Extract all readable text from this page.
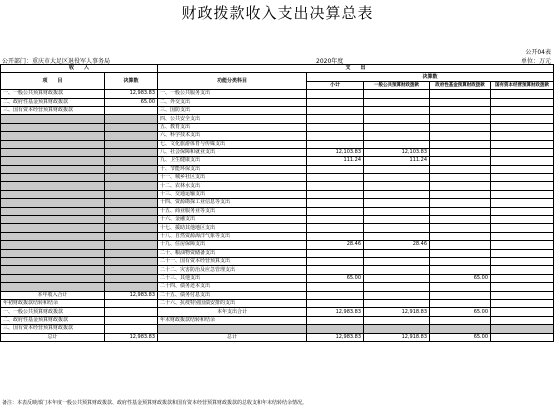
财政拨款收入支出决算总表
公开04表
公开部门：重庆市大足区退役军人事务局	2020年度	单位：万元
收　　入		支　　出				
项　　目	决算数	功能分类科目	决算数			
			小计	一般公共预算财政拨款	政府性基金预算财政拨款	国有资本经营预算财政拨款
一、一般公共预算财政拨款	12,983.83	一、一般公共服务支出				
二、政府性基金预算财政拨款	65.00	二、外交支出				
三、国有资本经营预算财政拨款		三、国防支出				
		四、公共安全支出				
		五、教育支出				
		六、科学技术支出				
		七、文化旅游体育与传媒支出				
		八、社会保障和就业支出	12,103.83	12,103.83		
		九、卫生健康支出	111.24	111.24		
		十、节能环保支出				
		十一、城乡社区支出				
		十二、农林水支出				
		十三、交通运输支出				
		十四、资源勘探工业信息等支出				
		十五、商业服务业等支出				
		十六、金融支出				
		十七、援助其他地区支出				
		十八、自然资源海洋气象等支出				
		十九、住房保障支出	28.46	28.46		
		二十、粮油物资储备支出				
		二十一、国有资本经营预算支出				
		二十二、灾害防治及应急管理支出				
		二十三、其他支出	65.00		65.00	
		二十四、债务还本支出				
本年收入合计	12,983.83	二十五、债务付息支出				
年初财政拨款结转和结余		二十六、抗疫特别国债安排的支出				
一、一般公共预算财政拨款		本年支出合计	12,983.83	12,918.83	65.00	
二、政府性基金预算财政拨款		年末财政拨款结转和结余				
三、国有资本经营预算财政拨款						
总计	12,983.83	总计	12,983.83	12,918.83	65.00	
备注：本表反映部门本年度一般公共预算财政拨款、政府性基金预算财政拨款和国有资本经营预算财政拨款的总收支和年末结转结余情况。
